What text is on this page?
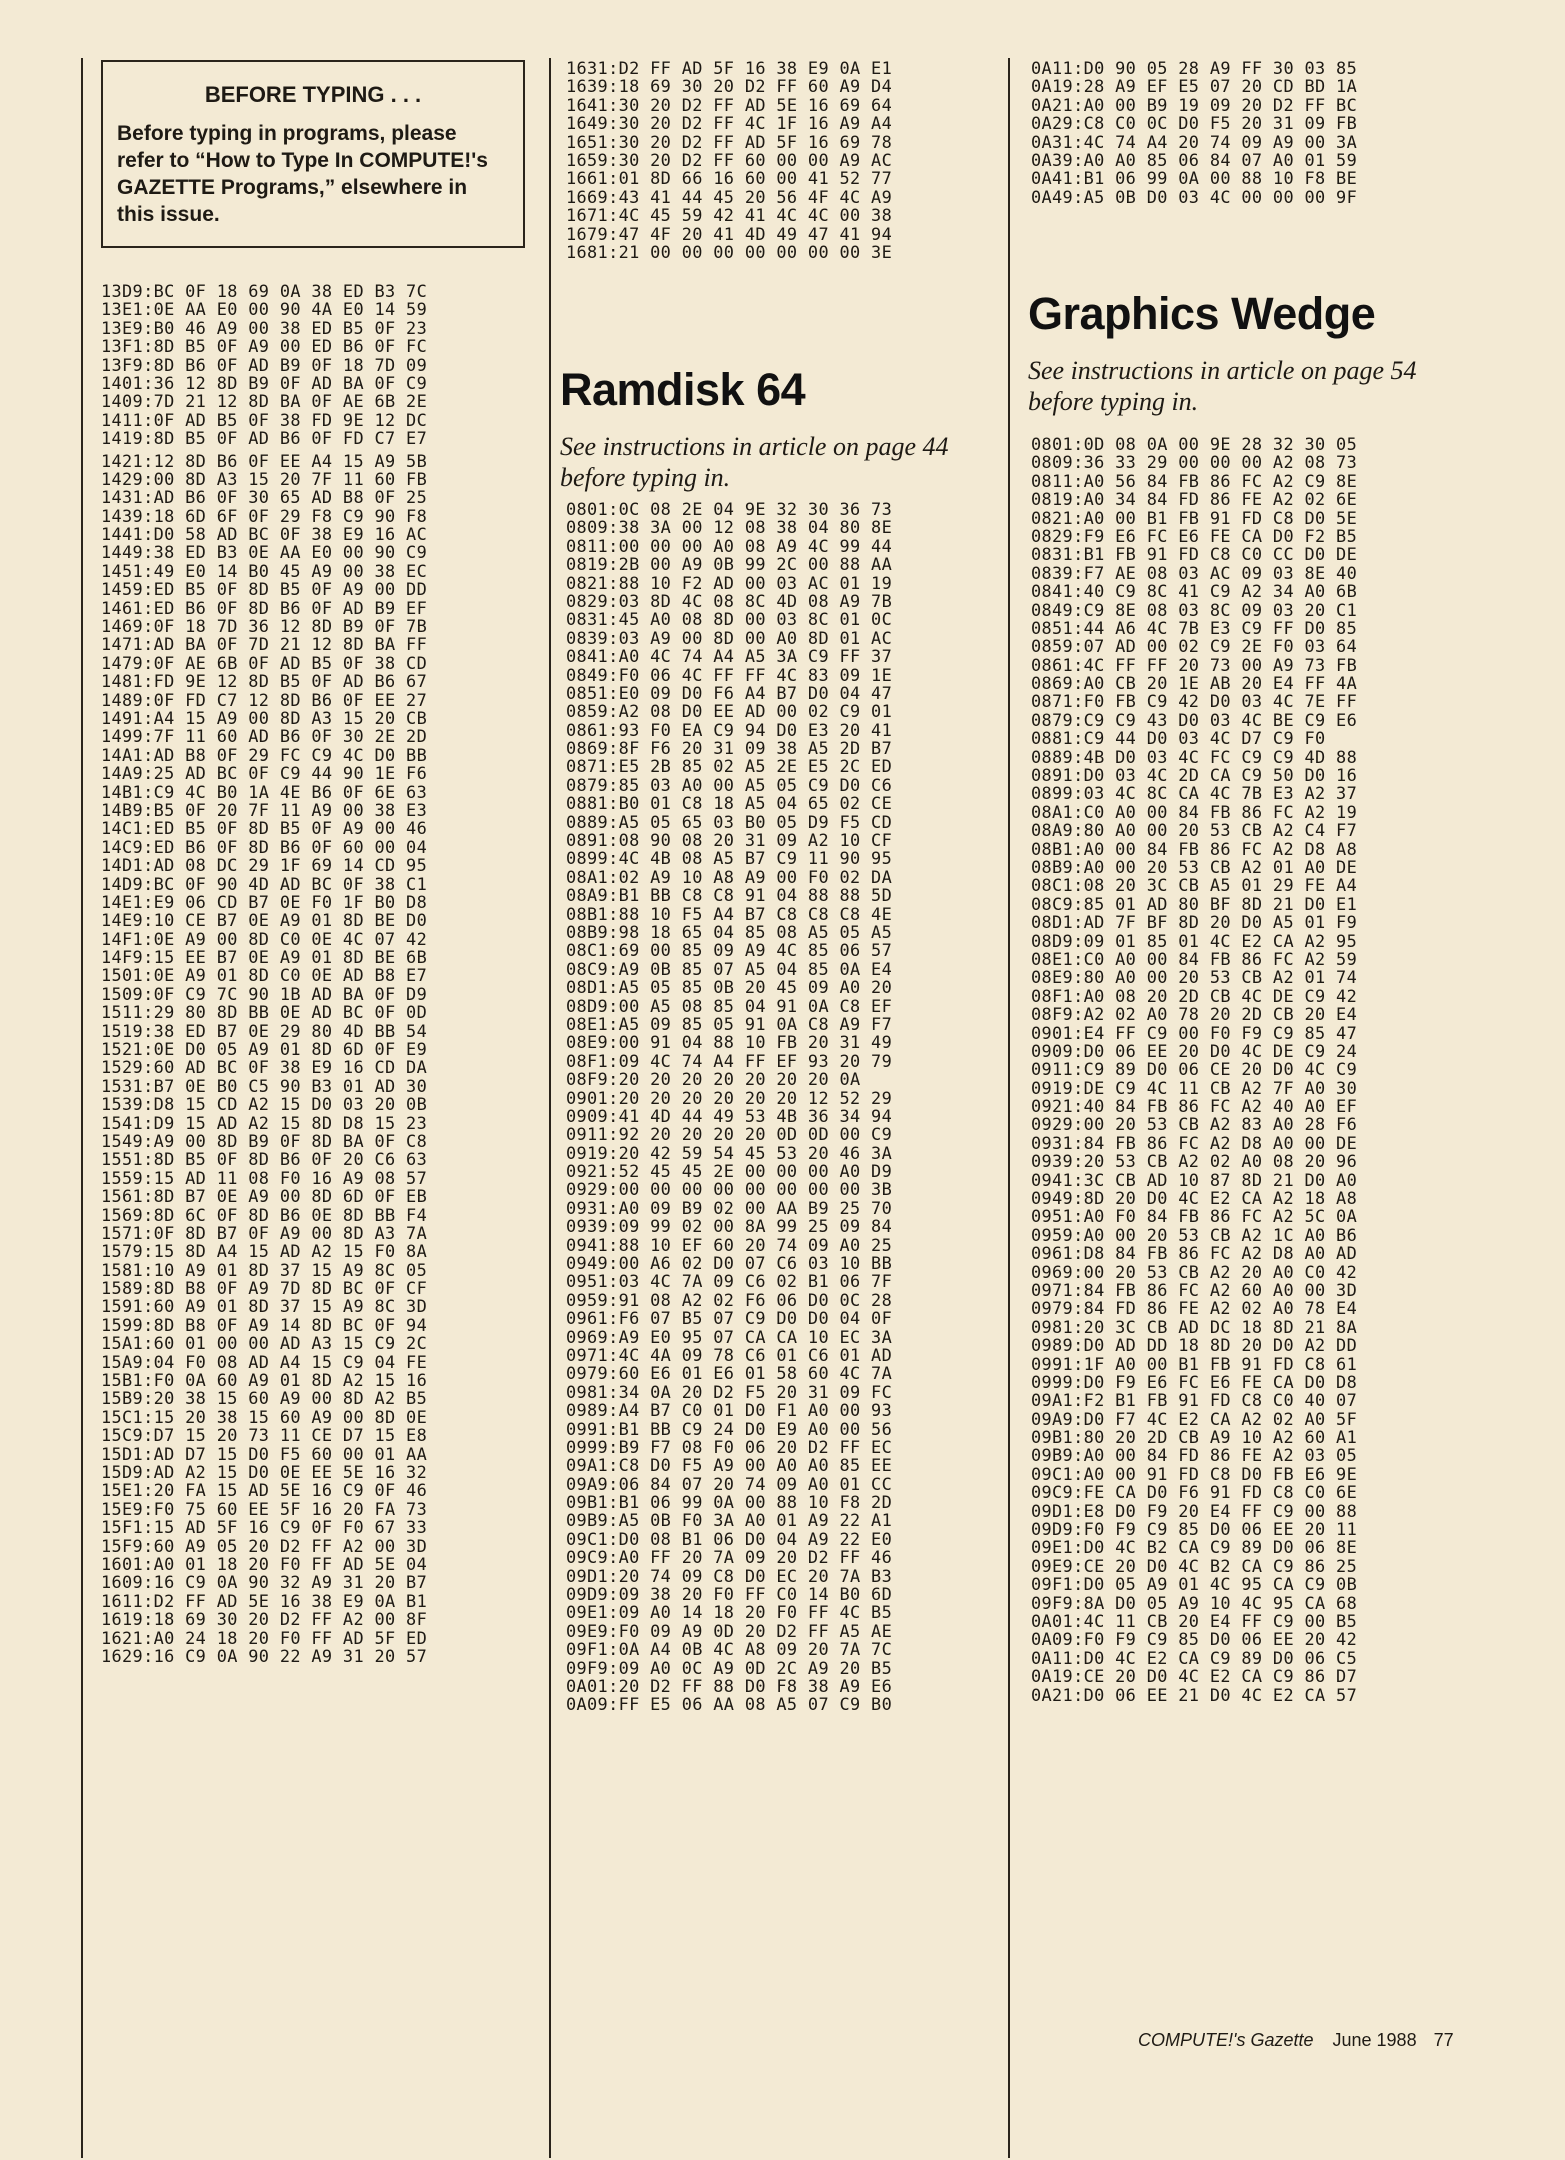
BEFORE TYPING . . .
Before typing in programs, please refer to “How to Type In COMPUTE!'s GAZETTE Programs,” elsewhere in this issue.
13D9:BC 0F 18 69 0A 38 ED B3 7C
13E1:0E AA E0 00 90 4A E0 14 59
13E9:B0 46 A9 00 38 ED B5 0F 23
13F1:8D B5 0F A9 00 ED B6 0F FC
13F9:8D B6 0F AD B9 0F 18 7D 09
1401:36 12 8D B9 0F AD BA 0F C9
1409:7D 21 12 8D BA 0F AE 6B 2E
1411:0F AD B5 0F 38 FD 9E 12 DC
1419:8D B5 0F AD B6 0F FD C7 E7
1421:12 8D B6 0F EE A4 15 A9 5B
1429:00 8D A3 15 20 7F 11 60 FB
1431:AD B6 0F 30 65 AD B8 0F 25
1439:18 6D 6F 0F 29 F8 C9 90 F8
1441:D0 58 AD BC 0F 38 E9 16 AC
1449:38 ED B3 0E AA E0 00 90 C9
1451:49 E0 14 B0 45 A9 00 38 EC
1459:ED B5 0F 8D B5 0F A9 00 DD
1461:ED B6 0F 8D B6 0F AD B9 EF
1469:0F 18 7D 36 12 8D B9 0F 7B
1471:AD BA 0F 7D 21 12 8D BA FF
1479:0F AE 6B 0F AD B5 0F 38 CD
1481:FD 9E 12 8D B5 0F AD B6 67
1489:0F FD C7 12 8D B6 0F EE 27
1491:A4 15 A9 00 8D A3 15 20 CB
1499:7F 11 60 AD B6 0F 30 2E 2D
14A1:AD B8 0F 29 FC C9 4C D0 BB
14A9:25 AD BC 0F C9 44 90 1E F6
14B1:C9 4C B0 1A 4E B6 0F 6E 63
14B9:B5 0F 20 7F 11 A9 00 38 E3
14C1:ED B5 0F 8D B5 0F A9 00 46
14C9:ED B6 0F 8D B6 0F 60 00 04
14D1:AD 08 DC 29 1F 69 14 CD 95
14D9:BC 0F 90 4D AD BC 0F 38 C1
14E1:E9 06 CD B7 0E F0 1F B0 D8
14E9:10 CE B7 0E A9 01 8D BE D0
14F1:0E A9 00 8D C0 0E 4C 07 42
14F9:15 EE B7 0E A9 01 8D BE 6B
1501:0E A9 01 8D C0 0E AD B8 E7
1509:0F C9 7C 90 1B AD BA 0F D9
1511:29 80 8D BB 0E AD BC 0F 0D
1519:38 ED B7 0E 29 80 4D BB 54
1521:0E D0 05 A9 01 8D 6D 0F E9
1529:60 AD BC 0F 38 E9 16 CD DA
1531:B7 0E B0 C5 90 B3 01 AD 30
1539:D8 15 CD A2 15 D0 03 20 0B
1541:D9 15 AD A2 15 8D D8 15 23
1549:A9 00 8D B9 0F 8D BA 0F C8
1551:8D B5 0F 8D B6 0F 20 C6 63
1559:15 AD 11 08 F0 16 A9 08 57
1561:8D B7 0E A9 00 8D 6D 0F EB
1569:8D 6C 0F 8D B6 0E 8D BB F4
1571:0F 8D B7 0F A9 00 8D A3 7A
1579:15 8D A4 15 AD A2 15 F0 8A
1581:10 A9 01 8D 37 15 A9 8C 05
1589:8D B8 0F A9 7D 8D BC 0F CF
1591:60 A9 01 8D 37 15 A9 8C 3D
1599:8D B8 0F A9 14 8D BC 0F 94
15A1:60 01 00 00 AD A3 15 C9 2C
15A9:04 F0 08 AD A4 15 C9 04 FE
15B1:F0 0A 60 A9 01 8D A2 15 16
15B9:20 38 15 60 A9 00 8D A2 B5
15C1:15 20 38 15 60 A9 00 8D 0E
15C9:D7 15 20 73 11 CE D7 15 E8
15D1:AD D7 15 D0 F5 60 00 01 AA
15D9:AD A2 15 D0 0E EE 5E 16 32
15E1:20 FA 15 AD 5E 16 C9 0F 46
15E9:F0 75 60 EE 5F 16 20 FA 73
15F1:15 AD 5F 16 C9 0F F0 67 33
15F9:60 A9 05 20 D2 FF A2 00 3D
1601:A0 01 18 20 F0 FF AD 5E 04
1609:16 C9 0A 90 32 A9 31 20 B7
1611:D2 FF AD 5E 16 38 E9 0A B1
1619:18 69 30 20 D2 FF A2 00 8F
1621:A0 24 18 20 F0 FF AD 5F ED
1629:16 C9 0A 90 22 A9 31 20 57
1631:D2 FF AD 5F 16 38 E9 0A E1
1639:18 69 30 20 D2 FF 60 A9 D4
1641:30 20 D2 FF AD 5E 16 69 64
1649:30 20 D2 FF 4C 1F 16 A9 A4
1651:30 20 D2 FF AD 5F 16 69 78
1659:30 20 D2 FF 60 00 00 A9 AC
1661:01 8D 66 16 60 00 41 52 77
1669:43 41 44 45 20 56 4F 4C A9
1671:4C 45 59 42 41 4C 4C 00 38
1679:47 4F 20 41 4D 49 47 41 94
1681:21 00 00 00 00 00 00 00 3E
Ramdisk 64
See instructions in article on page 44 before typing in.
0801:0C 08 2E 04 9E 32 30 36 73
0809:38 3A 00 12 08 38 04 80 8E
0811:00 00 00 A0 08 A9 4C 99 44
0819:2B 00 A9 0B 99 2C 00 88 AA
0821:88 10 F2 AD 00 03 AC 01 19
0829:03 8D 4C 08 8C 4D 08 A9 7B
0831:45 A0 08 8D 00 03 8C 01 0C
0839:03 A9 00 8D 00 A0 8D 01 AC
0841:A0 4C 74 A4 A5 3A C9 FF 37
0849:F0 06 4C FF FF 4C 83 09 1E
0851:E0 09 D0 F6 A4 B7 D0 04 47
0859:A2 08 D0 EE AD 00 02 C9 01
0861:93 F0 EA C9 94 D0 E3 20 41
0869:8F F6 20 31 09 38 A5 2D B7
0871:E5 2B 85 02 A5 2E E5 2C ED
0879:85 03 A0 00 A5 05 C9 D0 C6
0881:B0 01 C8 18 A5 04 65 02 CE
0889:A5 05 65 03 B0 05 D9 F5 CD
0891:08 90 08 20 31 09 A2 10 CF
0899:4C 4B 08 A5 B7 C9 11 90 95
08A1:02 A9 10 A8 A9 00 F0 02 DA
08A9:B1 BB C8 C8 91 04 88 88 5D
08B1:88 10 F5 A4 B7 C8 C8 C8 4E
08B9:98 18 65 04 85 08 A5 05 A5
08C1:69 00 85 09 A9 4C 85 06 57
08C9:A9 0B 85 07 A5 04 85 0A E4
08D1:A5 05 85 0B 20 45 09 A0 20
08D9:00 A5 08 85 04 91 0A C8 EF
08E1:A5 09 85 05 91 0A C8 A9 F7
08E9:00 91 04 88 10 FB 20 31 49
08F1:09 4C 74 A4 FF EF 93 20 79
08F9:20 20 20 20 20 20 20 0A
0901:20 20 20 20 20 20 12 52 29
0909:41 4D 44 49 53 4B 36 34 94
0911:92 20 20 20 20 0D 0D 00 C9
0919:20 42 59 54 45 53 20 46 3A
0921:52 45 45 2E 00 00 00 A0 D9
0929:00 00 00 00 00 00 00 00 3B
0931:A0 09 B9 02 00 AA B9 25 70
0939:09 99 02 00 8A 99 25 09 84
0941:88 10 EF 60 20 74 09 A0 25
0949:00 A6 02 D0 07 C6 03 10 BB
0951:03 4C 7A 09 C6 02 B1 06 7F
0959:91 08 A2 02 F6 06 D0 0C 28
0961:F6 07 B5 07 C9 D0 D0 04 0F
0969:A9 E0 95 07 CA CA 10 EC 3A
0971:4C 4A 09 78 C6 01 C6 01 AD
0979:60 E6 01 E6 01 58 60 4C 7A
0981:34 0A 20 D2 F5 20 31 09 FC
0989:A4 B7 C0 01 D0 F1 A0 00 93
0991:B1 BB C9 24 D0 E9 A0 00 56
0999:B9 F7 08 F0 06 20 D2 FF EC
09A1:C8 D0 F5 A9 00 A0 A0 85 EE
09A9:06 84 07 20 74 09 A0 01 CC
09B1:B1 06 99 0A 00 88 10 F8 2D
09B9:A5 0B F0 3A A0 01 A9 22 A1
09C1:D0 08 B1 06 D0 04 A9 22 E0
09C9:A0 FF 20 7A 09 20 D2 FF 46
09D1:20 74 09 C8 D0 EC 20 7A B3
09D9:09 38 20 F0 FF C0 14 B0 6D
09E1:09 A0 14 18 20 F0 FF 4C B5
09E9:F0 09 A9 0D 20 D2 FF A5 AE
09F1:0A A4 0B 4C A8 09 20 7A 7C
09F9:09 A0 0C A9 0D 2C A9 20 B5
0A01:20 D2 FF 88 D0 F8 38 A9 E6
0A09:FF E5 06 AA 08 A5 07 C9 B0
0A11:D0 90 05 28 A9 FF 30 03 85
0A19:28 A9 EF E5 07 20 CD BD 1A
0A21:A0 00 B9 19 09 20 D2 FF BC
0A29:C8 C0 0C D0 F5 20 31 09 FB
0A31:4C 74 A4 20 74 09 A9 00 3A
0A39:A0 A0 85 06 84 07 A0 01 59
0A41:B1 06 99 0A 00 88 10 F8 BE
0A49:A5 0B D0 03 4C 00 00 00 9F
Graphics Wedge
See instructions in article on page 54 before typing in.
0801:0D 08 0A 00 9E 28 32 30 05
0809:36 33 29 00 00 00 A2 08 73
0811:A0 56 84 FB 86 FC A2 C9 8E
0819:A0 34 84 FD 86 FE A2 02 6E
0821:A0 00 B1 FB 91 FD C8 D0 5E
0829:F9 E6 FC E6 FE CA D0 F2 B5
0831:B1 FB 91 FD C8 C0 CC D0 DE
0839:F7 AE 08 03 AC 09 03 8E 40
0841:40 C9 8C 41 C9 A2 34 A0 6B
0849:C9 8E 08 03 8C 09 03 20 C1
0851:44 A6 4C 7B E3 C9 FF D0 85
0859:07 AD 00 02 C9 2E F0 03 64
0861:4C FF FF 20 73 00 A9 73 FB
0869:A0 CB 20 1E AB 20 E4 FF 4A
0871:F0 FB C9 42 D0 03 4C 7E FF
0879:C9 C9 43 D0 03 4C BE C9 E6
0881:C9 44 D0 03 4C D7 C9 F0
0889:4B D0 03 4C FC C9 C9 4D 88
0891:D0 03 4C 2D CA C9 50 D0 16
0899:03 4C 8C CA 4C 7B E3 A2 37
08A1:C0 A0 00 84 FB 86 FC A2 19
08A9:80 A0 00 20 53 CB A2 C4 F7
08B1:A0 00 84 FB 86 FC A2 D8 A8
08B9:A0 00 20 53 CB A2 01 A0 DE
08C1:08 20 3C CB A5 01 29 FE A4
08C9:85 01 AD 80 BF 8D 21 D0 E1
08D1:AD 7F BF 8D 20 D0 A5 01 F9
08D9:09 01 85 01 4C E2 CA A2 95
08E1:C0 A0 00 84 FB 86 FC A2 59
08E9:80 A0 00 20 53 CB A2 01 74
08F1:A0 08 20 2D CB 4C DE C9 42
08F9:A2 02 A0 78 20 2D CB 20 E4
0901:E4 FF C9 00 F0 F9 C9 85 47
0909:D0 06 EE 20 D0 4C DE C9 24
0911:C9 89 D0 06 CE 20 D0 4C C9
0919:DE C9 4C 11 CB A2 7F A0 30
0921:40 84 FB 86 FC A2 40 A0 EF
0929:00 20 53 CB A2 83 A0 28 F6
0931:84 FB 86 FC A2 D8 A0 00 DE
0939:20 53 CB A2 02 A0 08 20 96
0941:3C CB AD 10 87 8D 21 D0 A0
0949:8D 20 D0 4C E2 CA A2 18 A8
0951:A0 F0 84 FB 86 FC A2 5C 0A
0959:A0 00 20 53 CB A2 1C A0 B6
0961:D8 84 FB 86 FC A2 D8 A0 AD
0969:00 20 53 CB A2 20 A0 C0 42
0971:84 FB 86 FC A2 60 A0 00 3D
0979:84 FD 86 FE A2 02 A0 78 E4
0981:20 3C CB AD DC 18 8D 21 8A
0989:D0 AD DD 18 8D 20 D0 A2 DD
0991:1F A0 00 B1 FB 91 FD C8 61
0999:D0 F9 E6 FC E6 FE CA D0 D8
09A1:F2 B1 FB 91 FD C8 C0 40 07
09A9:D0 F7 4C E2 CA A2 02 A0 5F
09B1:80 20 2D CB A9 10 A2 60 A1
09B9:A0 00 84 FD 86 FE A2 03 05
09C1:A0 00 91 FD C8 D0 FB E6 9E
09C9:FE CA D0 F6 91 FD C8 C0 6E
09D1:E8 D0 F9 20 E4 FF C9 00 88
09D9:F0 F9 C9 85 D0 06 EE 20 11
09E1:D0 4C B2 CA C9 89 D0 06 8E
09E9:CE 20 D0 4C B2 CA C9 86 25
09F1:D0 05 A9 01 4C 95 CA C9 0B
09F9:8A D0 05 A9 10 4C 95 CA 68
0A01:4C 11 CB 20 E4 FF C9 00 B5
0A09:F0 F9 C9 85 D0 06 EE 20 42
0A11:D0 4C E2 CA C9 89 D0 06 C5
0A19:CE 20 D0 4C E2 CA C9 86 D7
0A21:D0 06 EE 21 D0 4C E2 CA 57
COMPUTE!'s Gazette June 1988 77
